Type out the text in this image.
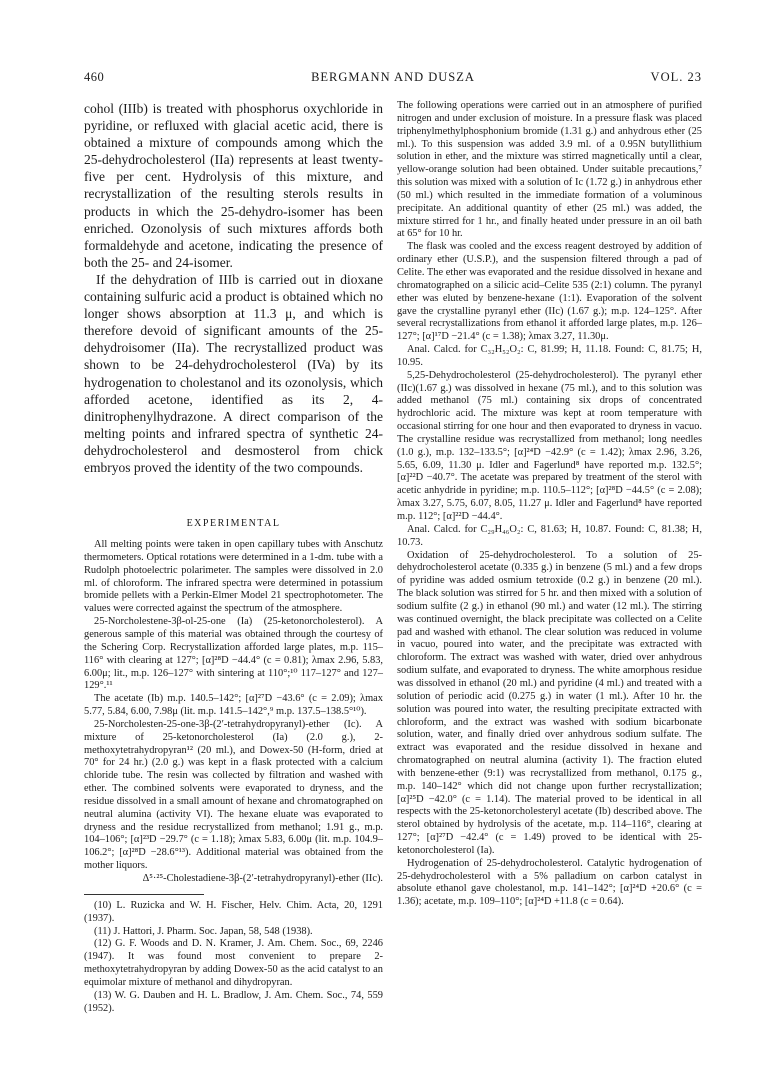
460	BERGMANN AND DUSZA	VOL. 23

cohol (IIIb) is treated with phosphorus oxychloride in pyridine, or refluxed with glacial acetic acid, there is obtained a mixture of compounds among which the 25-dehydrocholesterol (IIa) represents at least twenty-five per cent. Hydrolysis of this mixture, and recrystallization of the resulting sterols results in products in which the 25-dehydro-isomer has been enriched. Ozonolysis of such mixtures affords both formaldehyde and acetone, indicating the presence of both the 25- and 24-isomer.

If the dehydration of IIIb is carried out in dioxane containing sulfuric acid a product is obtained which no longer shows absorption at 11.3 μ, and which is therefore devoid of significant amounts of the 25-dehydroisomer (IIa). The recrystallized product was shown to be 24-dehydrocholesterol (IVa) by its hydrogenation to cholestanol and its ozonolysis, which afforded acetone, identified as its 2, 4-dinitrophenylhydrazone. A direct comparison of the melting points and infrared spectra of synthetic 24-dehydrocholesterol and desmosterol from chick embryos proved the identity of the two compounds.

EXPERIMENTAL

All melting points were taken in open capillary tubes with Anschutz thermometers. Optical rotations were determined in a 1-dm. tube with a Rudolph photoelectric polarimeter. The samples were dissolved in 2.0 ml. of chloroform. The infrared spectra were determined in potassium bromide pellets with a Perkin-Elmer Model 21 spectrophotometer. The values were corrected against the spectrum of the atmosphere.

25-Norcholestene-3β-ol-25-one (Ia) (25-ketonorcholesterol). A generous sample of this material was obtained through the courtesy of the Schering Corp. Recrystallization afforded large plates, m.p. 115–116° with clearing at 127°; [α]²⁸D −44.4° (c = 0.81); λmax 2.96, 5.83, 6.00μ; lit., m.p. 126–127° with sintering at 110°;¹⁰ 117–127° and 127–129°.¹¹

The acetate (Ib) m.p. 140.5–142°; [α]²⁷D −43.6° (c = 2.09); λmax 5.77, 5.84, 6.00, 7.98μ (lit. m.p. 141.5–142°,⁹ m.p. 137.5–138.5°¹⁰).

25-Norcholesten-25-one-3β-(2′-tetrahydropyranyl)-ether (Ic). A mixture of 25-ketonorcholesterol (Ia) (2.0 g.), 2-methoxytetrahydropyran¹² (20 ml.), and Dowex-50 (H-form, dried at 70° for 24 hr.) (2.0 g.) was kept in a flask protected with a calcium chloride tube. The resin was collected by filtration and washed with ether. The combined solvents were evaporated to dryness, and the residue dissolved in a small amount of hexane and chromatographed on neutral alumina (activity VI). The hexane eluate was evaporated to dryness and the residue recrystallized from methanol; 1.91 g., m.p. 104–106°; [α]²³D −29.7° (c = 1.18); λmax 5.83, 6.00μ (lit. m.p. 104.9–106.2°; [α]²⁸D −28.6°¹³). Additional material was obtained from the mother liquors.

Δ⁵·²⁵-Cholestadiene-3β-(2′-tetrahydropyranyl)-ether (IIc).

(10) L. Ruzicka and W. H. Fischer, Helv. Chim. Acta, 20, 1291 (1937).

(11) J. Hattori, J. Pharm. Soc. Japan, 58, 548 (1938).

(12) G. F. Woods and D. N. Kramer, J. Am. Chem. Soc., 69, 2246 (1947). It was found most convenient to prepare 2-methoxytetrahydropyran by adding Dowex-50 as the acid catalyst to an equimolar mixture of methanol and dihydropyran.

(13) W. G. Dauben and H. L. Bradlow, J. Am. Chem. Soc., 74, 559 (1952).

The following operations were carried out in an atmosphere of purified nitrogen and under exclusion of moisture. In a pressure flask was placed triphenylmethylphosphonium bromide (1.31 g.) and anhydrous ether (25 ml.). To this suspension was added 3.9 ml. of a 0.95N butyllithium solution in ether, and the mixture was stirred magnetically until a clear, yellow-orange solution had been obtained. Under suitable precautions,⁷ this solution was mixed with a solution of Ic (1.72 g.) in anhydrous ether (50 ml.) which resulted in the immediate formation of a voluminous precipitate. An additional quantity of ether (25 ml.) was added, the mixture stirred for 1 hr., and finally heated under pressure in an oil bath at 65° for 10 hr.

The flask was cooled and the excess reagent destroyed by addition of ordinary ether (U.S.P.), and the suspension filtered through a pad of Celite. The ether was evaporated and the residue dissolved in hexane and chromatographed on a silicic acid–Celite 535 (2:1) column. The pyranyl ether was eluted by benzene-hexane (1:1). Evaporation of the solvent gave the crystalline pyranyl ether (IIc) (1.67 g.); m.p. 124–125°. After several recrystallizations from ethanol it afforded large plates, m.p. 126–127°; [α]¹⁷D −21.4° (c = 1.38); λmax 3.27, 11.30μ.

Anal. Calcd. for C₃₂H₅₂O₂: C, 81.99; H, 11.18. Found: C, 81.75; H, 10.95.

5,25-Dehydrocholesterol (25-dehydrocholesterol). The pyranyl ether (IIc)(1.67 g.) was dissolved in hexane (75 ml.), and to this solution was added methanol (75 ml.) containing six drops of concentrated hydrochloric acid. The mixture was kept at room temperature with occasional stirring for one hour and then evaporated to dryness in vacuo. The crystalline residue was recrystallized from methanol; long needles (1.0 g.), m.p. 132–133.5°; [α]²⁴D −42.9° (c = 1.42); λmax 2.96, 3.26, 5.65, 6.09, 11.30 μ. Idler and Fagerlund⁸ have reported m.p. 132.5°; [α]²²D −40.7°. The acetate was prepared by treatment of the sterol with acetic anhydride in pyridine; m.p. 110.5–112°; [α]²⁸D −44.5° (c = 2.08); λmax 3.27, 5.75, 6.07, 8.05, 11.27 μ. Idler and Fagerlund⁸ have reported m.p. 112°; [α]²²D −44.4°.

Anal. Calcd. for C₂₉H₄₆O₂: C, 81.63; H, 10.87. Found: C, 81.38; H, 10.73.

Oxidation of 25-dehydrocholesterol. To a solution of 25-dehydrocholesterol acetate (0.335 g.) in benzene (5 ml.) and a few drops of pyridine was added osmium tetroxide (0.2 g.) in benzene (20 ml.). The black solution was stirred for 5 hr. and then mixed with a solution of sodium sulfite (2 g.) in ethanol (90 ml.) and water (12 ml.). The stirring was continued overnight, the black precipitate was collected on a Celite pad and washed with ethanol. The clear solution was reduced in volume in vacuo, poured into water, and the precipitate was extracted with chloroform. The extract was washed with water, dried over anhydrous sodium sulfate, and evaporated to dryness. The white amorphous residue was dissolved in ethanol (20 ml.) and pyridine (4 ml.) and treated with a solution of periodic acid (0.275 g.) in water (1 ml.). After 10 hr. the solution was poured into water, the resulting precipitate extracted with chloroform, and the extract was washed with sodium bicarbonate solution, water, and finally dried over anhydrous sodium sulfate. The extract was evaporated and the residue dissolved in hexane and chromatographed on neutral alumina (activity 1). The fraction eluted with benzene-ether (9:1) was recrystallized from methanol, 0.175 g., m.p. 140–142° which did not change upon further recrystallization; [α]²⁵D −42.0° (c = 1.14). The material proved to be identical in all respects with the 25-ketonorcholesteryl acetate (Ib) described above. The sterol obtained by hydrolysis of the acetate, m.p. 114–116°, clearing at 127°; [α]²⁷D −42.4° (c = 1.49) proved to be identical with 25-ketonorcholesterol (Ia).

Hydrogenation of 25-dehydrocholesterol. Catalytic hydrogenation of 25-dehydrocholesterol with a 5% palladium on carbon catalyst in absolute ethanol gave cholestanol, m.p. 141–142°; [α]²⁴D +20.6° (c = 1.36); acetate, m.p. 109–110°; [α]²⁴D +11.8 (c = 0.64).
